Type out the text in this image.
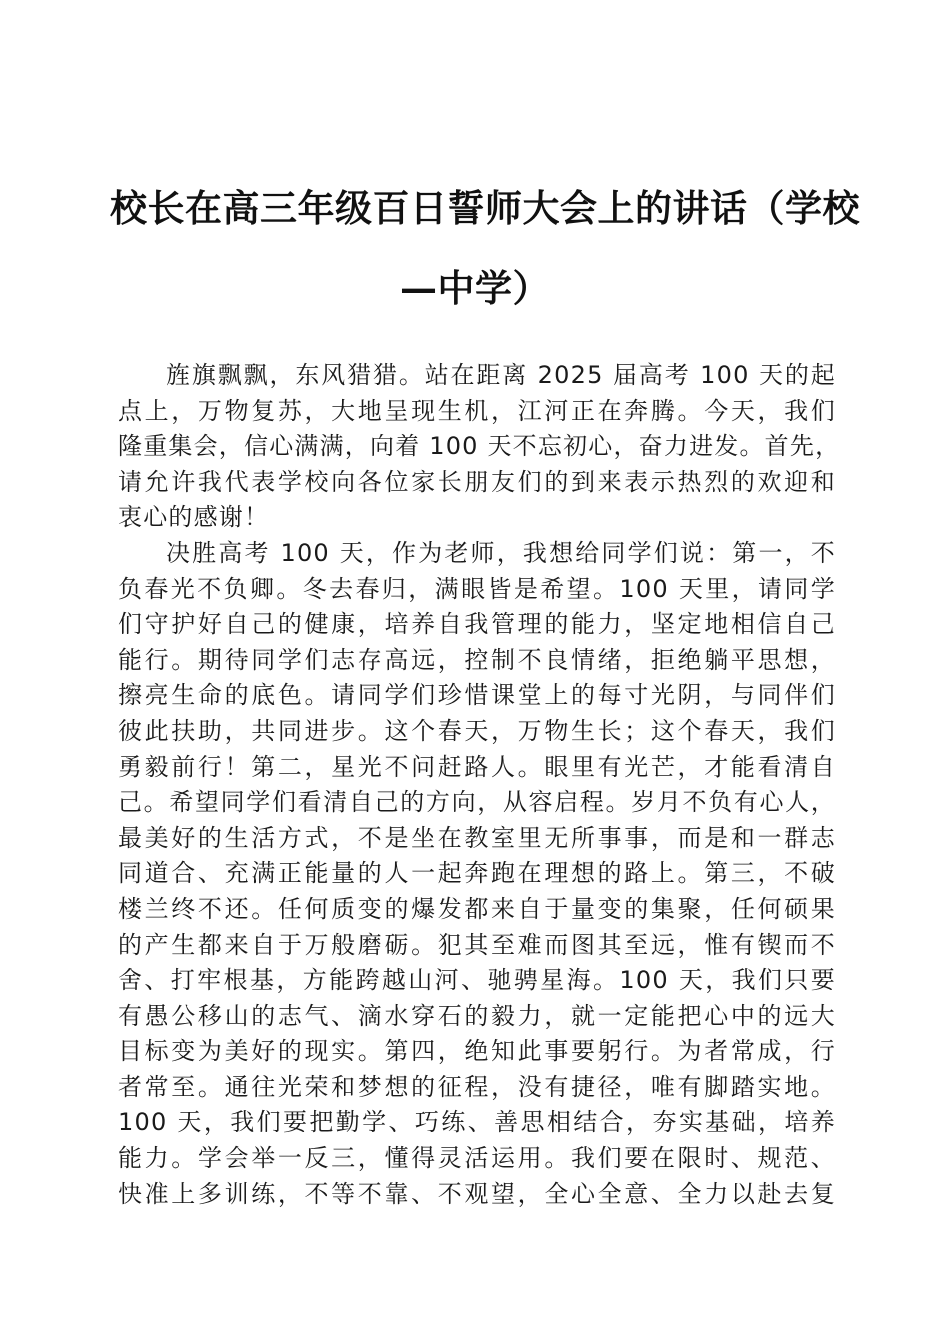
校长在高三年级百日誓师大会上的讲话（学校
—中学）
旌旗飘飘，东风猎猎。站在距离 2025 届高考 100 天的起
点上，万物复苏，大地呈现生机，江河正在奔腾。今天，我们
隆重集会，信心满满，向着 100 天不忘初心，奋力进发。首先，
请允许我代表学校向各位家长朋友们的到来表示热烈的欢迎和
衷心的感谢！
决胜高考 100 天，作为老师，我想给同学们说：第一，不
负春光不负卿。冬去春归，满眼皆是希望。100 天里，请同学
们守护好自己的健康，培养自我管理的能力，坚定地相信自己
能行。期待同学们志存高远，控制不良情绪，拒绝躺平思想，
擦亮生命的底色。请同学们珍惜课堂上的每寸光阴，与同伴们
彼此扶助，共同进步。这个春天，万物生长；这个春天，我们
勇毅前行！第二，星光不问赶路人。眼里有光芒，才能看清自
己。希望同学们看清自己的方向，从容启程。岁月不负有心人，
最美好的生活方式，不是坐在教室里无所事事，而是和一群志
同道合、充满正能量的人一起奔跑在理想的路上。第三，不破
楼兰终不还。任何质变的爆发都来自于量变的集聚，任何硕果
的产生都来自于万般磨砺。犯其至难而图其至远，惟有锲而不
舍、打牢根基，方能跨越山河、驰骋星海。100 天，我们只要
有愚公移山的志气、滴水穿石的毅力，就一定能把心中的远大
目标变为美好的现实。第四，绝知此事要躬行。为者常成，行
者常至。通往光荣和梦想的征程，没有捷径，唯有脚踏实地。
100 天，我们要把勤学、巧练、善思相结合，夯实基础，培养
能力。学会举一反三，懂得灵活运用。我们要在限时、规范、
快准上多训练，不等不靠、不观望，全心全意、全力以赴去复
